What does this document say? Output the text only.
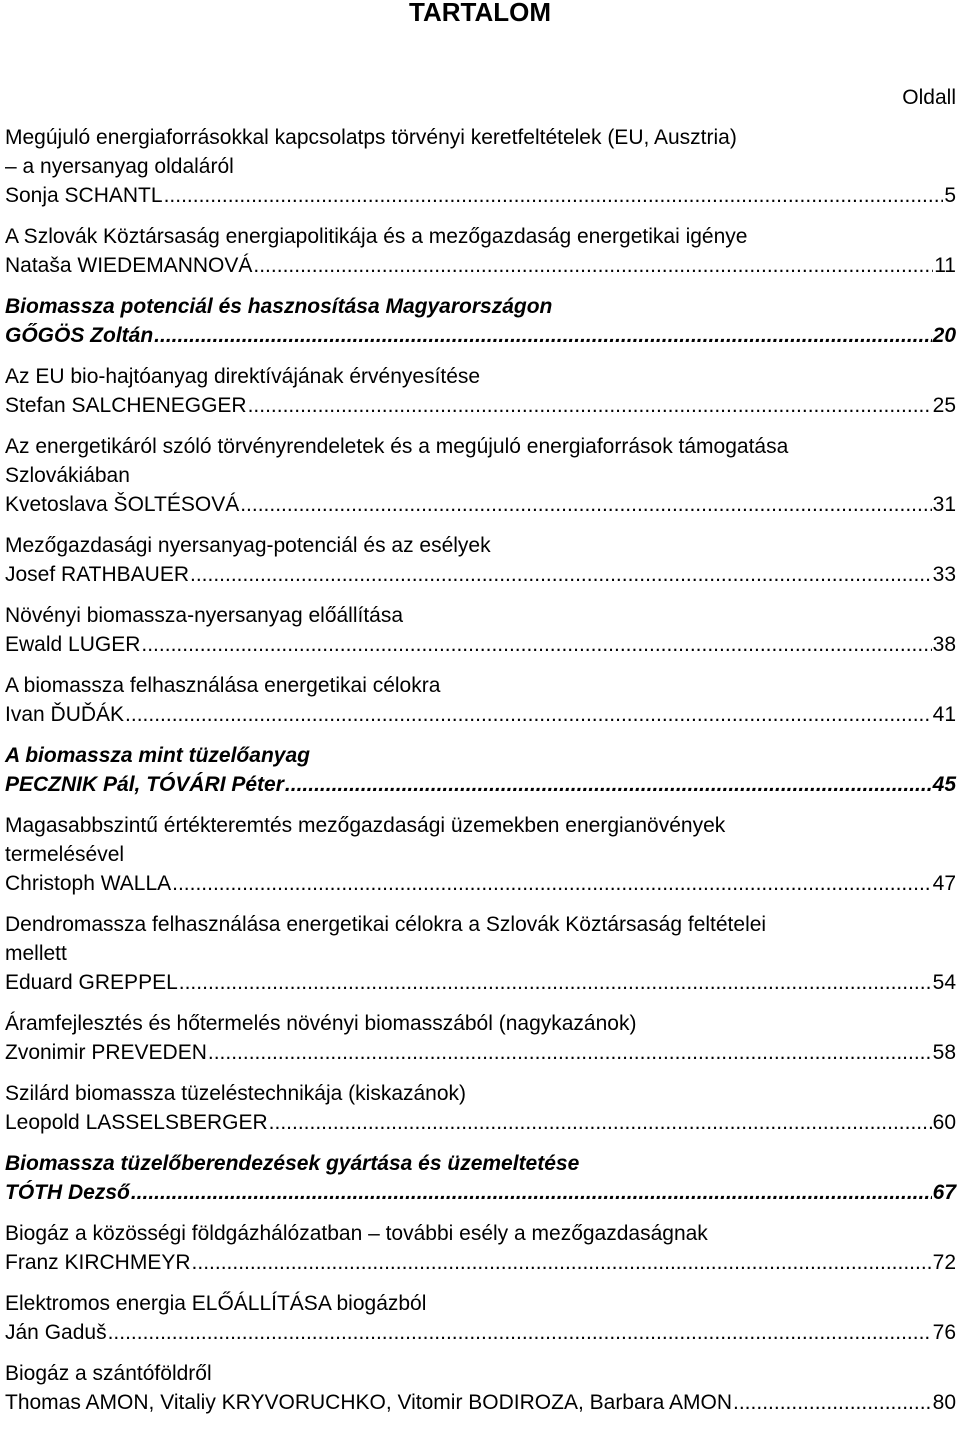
TARTALOM
Oldall
Megújuló energiaforrásokkal kapcsolatps törvényi keretfeltételek (EU, Ausztria)
– a nyersanyag oldaláról
Sonja SCHANTL .....	5
A Szlovák Köztársaság energiapolitikája és a mezőgazdaság energetikai igénye
Nataša WIEDEMANNOVÁ .....	11
Biomassza potenciál és hasznosítása Magyarországon
GŐGÖS Zoltán .....	20
Az EU bio-hajtóanyag direktívájának érvényesítése
Stefan SALCHENEGGER .....	25
Az energetikáról szóló törvényrendeletek és a megújuló energiaforrások támogatása
Szlovákiában
Kvetoslava ŠOLTÉSOVÁ .....	31
Mezőgazdasági nyersanyag-potenciál és az esélyek
Josef RATHBAUER .....	33
Növényi biomassza-nyersanyag előállítása
Ewald LUGER .....	38
A biomassza felhasználása energetikai célokra
Ivan ĎUĎÁK .....	41
A biomassza mint tüzelőanyag
PECZNIK Pál, TÓVÁRI Péter .....	45
Magasabbszintű értékteremtés mezőgazdasági üzemekben energianövények
termelésével
Christoph WALLA .....	47
Dendromassza felhasználása energetikai célokra a Szlovák Köztársaság feltételei
mellett
Eduard GREPPEL .....	54
Áramfejlesztés és hőtermelés növényi biomasszából (nagykazánok)
Zvonimir PREVEDEN .....	58
Szilárd biomassza tüzeléstechnikája (kiskazánok)
Leopold LASSELSBERGER .....	60
Biomassza tüzelőberendezések gyártása és üzemeltetése
TÓTH Dezső .....	67
Biogáz a közösségi földgázhálózatban – további esély a mezőgazdaságnak
Franz KIRCHMEYR .....	72
Elektromos energia ELŐÁLLÍTÁSA biogázból
Ján Gaduš .....	76
Biogáz a szántóföldről
Thomas AMON, Vitaliy KRYVORUCHKO, Vitomir BODIROZA, Barbara AMON .....	80
